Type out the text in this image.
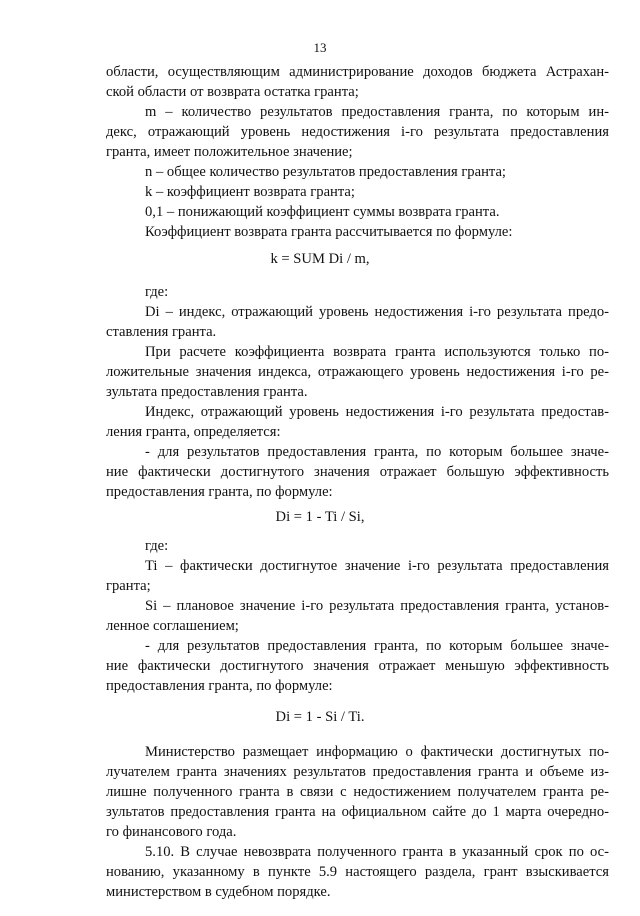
13
области, осуществляющим администрирование доходов бюджета Астрахан-
ской области от возврата остатка гранта;
m – количество результатов предоставления гранта, по которым ин-
декс, отражающий уровень недостижения i-го результата предоставления
гранта, имеет положительное значение;
n – общее количество результатов предоставления гранта;
k – коэффициент возврата гранта;
0,1 – понижающий коэффициент суммы возврата гранта.
Коэффициент возврата гранта рассчитывается по формуле:
k = SUM Di / m,
где:
Di – индекс, отражающий уровень недостижения i-го результата предо-
ставления гранта.
При расчете коэффициента возврата гранта используются только по-
ложительные значения индекса, отражающего уровень недостижения i-го ре-
зультата предоставления гранта.
Индекс, отражающий уровень недостижения i-го результата предостав-
ления гранта, определяется:
- для результатов предоставления гранта, по которым большее значе-
ние фактически достигнутого значения отражает большую эффективность
предоставления гранта, по формуле:
Di = 1 - Ti / Si,
где:
Ti – фактически достигнутое значение i-го результата предоставления
гранта;
Si – плановое значение i-го результата предоставления гранта, установ-
ленное соглашением;
- для результатов предоставления гранта, по которым большее значе-
ние фактически достигнутого значения отражает меньшую эффективность
предоставления гранта, по формуле:
Di = 1 - Si / Ti.
Министерство размещает информацию о фактически достигнутых по-
лучателем гранта значениях результатов предоставления гранта и объеме из-
лишне полученного гранта в связи с недостижением получателем гранта ре-
зультатов предоставления гранта на официальном сайте до 1 марта очередно-
го финансового года.
5.10. В случае невозврата полученного гранта в указанный срок по ос-
нованию, указанному в пункте 5.9 настоящего раздела, грант взыскивается
министерством в судебном порядке.
